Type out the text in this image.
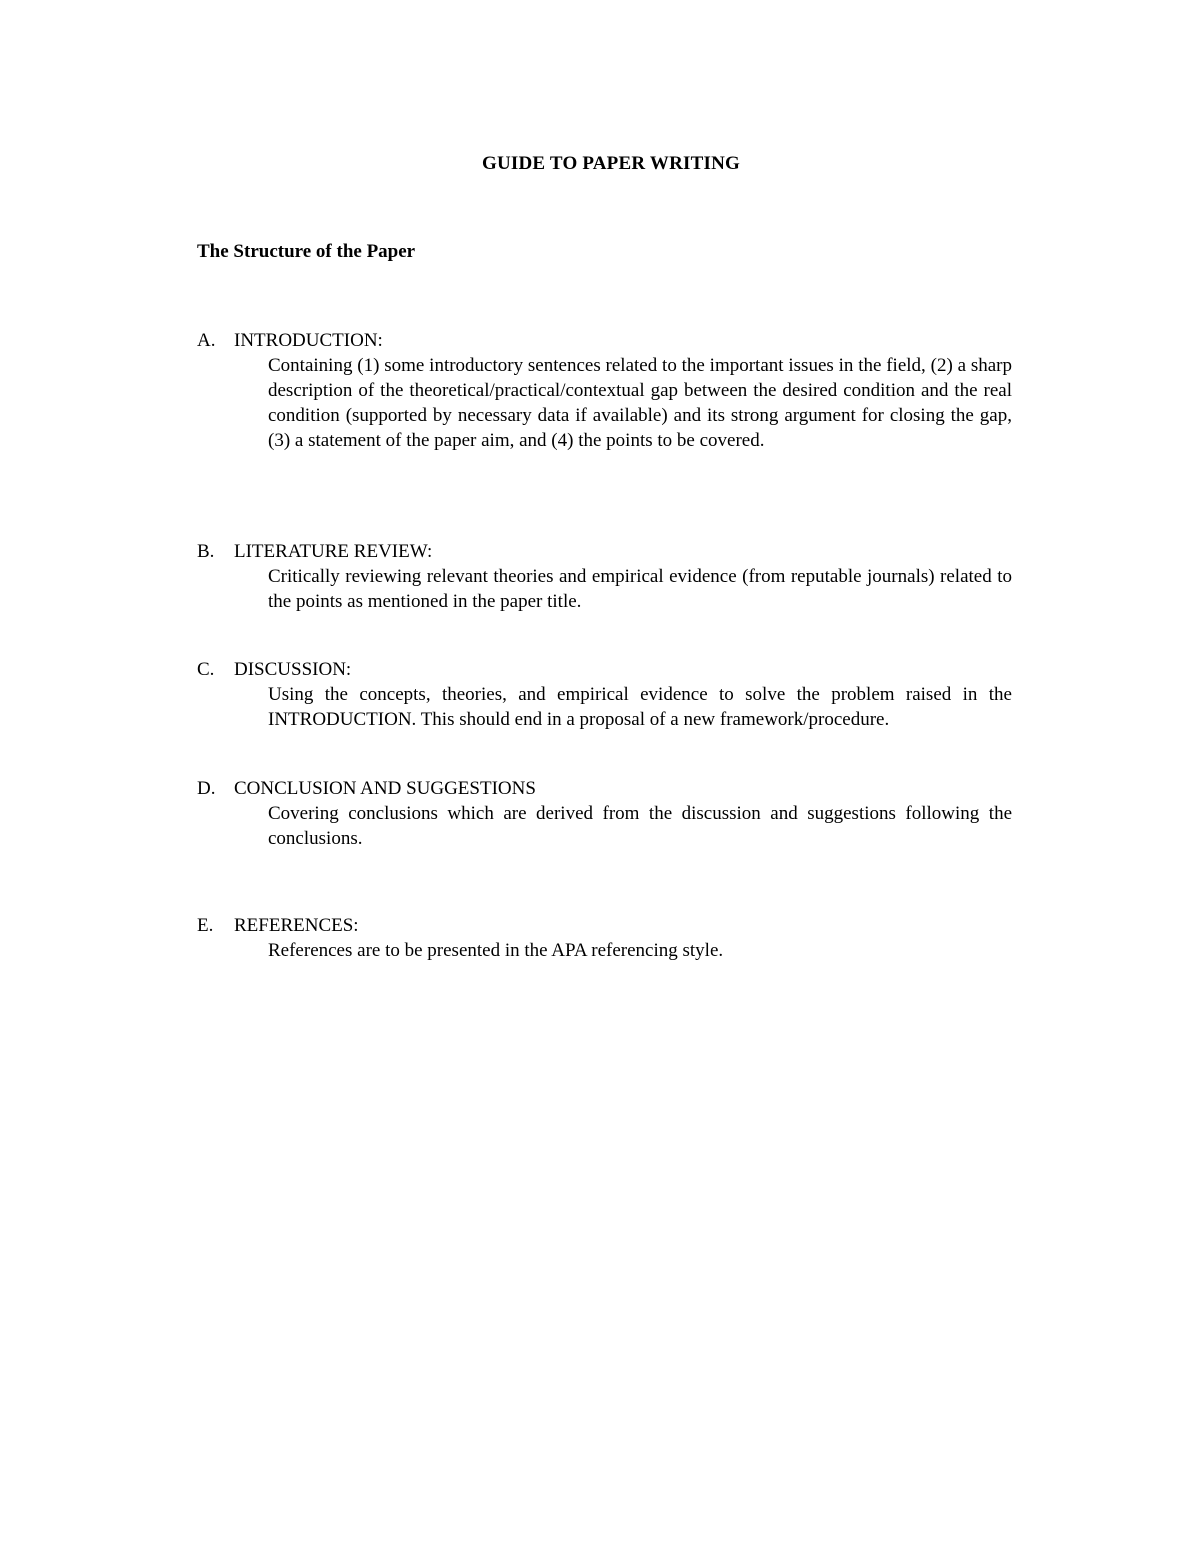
GUIDE TO PAPER WRITING
The Structure of the Paper
A. INTRODUCTION:
Containing (1) some introductory sentences related to the important issues in the field, (2) a sharp description of the theoretical/practical/contextual gap between the desired condition and the real condition (supported by necessary data if available) and its strong argument for closing the gap, (3) a statement of the paper aim, and (4) the points to be covered.
B. LITERATURE REVIEW:
Critically reviewing relevant theories and empirical evidence (from reputable journals) related to the points as mentioned in the paper title.
C. DISCUSSION:
Using the concepts, theories, and empirical evidence to solve the problem raised in the INTRODUCTION. This should end in a proposal of a new framework/procedure.
D. CONCLUSION AND SUGGESTIONS
Covering conclusions which are derived from the discussion and suggestions following the conclusions.
E. REFERENCES:
References are to be presented in the APA referencing style.
